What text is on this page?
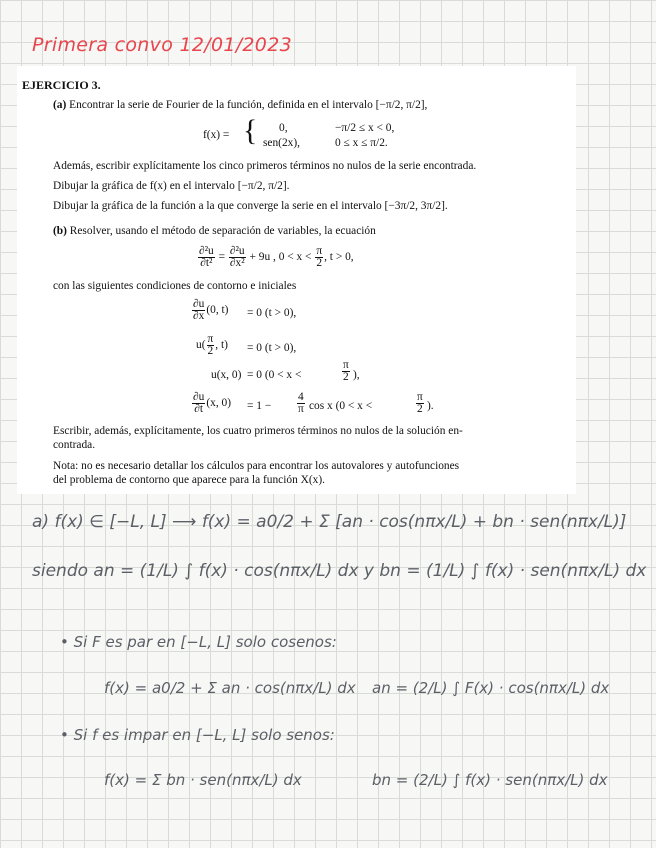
Primera convo 12/01/2023
EJERCICIO 3.
(a) Encontrar la serie de Fourier de la función, definida en el intervalo [−π/2, π/2],
f(x) = { 0,	−π/2 ≤ x < 0,
sen(2x),	0 ≤ x ≤ π/2.
Además, escribir explícitamente los cinco primeros términos no nulos de la serie encontrada.
Dibujar la gráfica de f(x) en el intervalo [−π/2, π/2].
Dibujar la gráfica de la función a la que converge la serie en el intervalo [−3π/2, 3π/2].
(b) Resolver, usando el método de separación de variables, la ecuación
$\frac{\text{∂²u}}{\text{∂t²}} = \frac{\text{∂²u}}{\text{∂x²}} + 9u$ , $0 < x < \frac{\pi}{2}$ , t > 0,
con las siguientes condiciones de contorno e iniciales
$\frac{\partial u}{\partial x} (0$, t) = 0 (t > 0),
$u( \frac{\pi}{2}$ , t) = 0 (t > 0),
u(x, 0) = 0 (0 < x <	$\frac{\pi}{2}$ ),
$\frac{\partial u}{\partial t} (x$, $0) = 1 - \frac{4}{\pi}$ cos x (0 < x <	$\frac{\pi}{2}$ ).
Escribir, además, explícitamente, los cuatro primeros términos no nulos de la solución en-
contrada.
Nota: no es necesario detallar los cálculos para encontrar los autovalores y autofunciones
del problema de contorno que aparece para la función X(x).
a) f(x) ∈ [−L, L] ⟶ f(x) = a0/2 + Σ [an · cos(nπx/L) + bn · sen(nπx/L)]
siendo an = (1/L) ∫ f(x) · cos(nπx/L) dx y bn = (1/L) ∫ f(x) · sen(nπx/L) dx
• Si F es par en [−L, L] solo cosenos:
f(x) = a0/2 + Σ an · cos(nπx/L) dx an = (2/L) ∫ F(x) · cos(nπx/L) dx
• Si f es impar en [−L, L] solo senos:
f(x) = Σ bn · sen(nπx/L) dx	bn = (2/L) ∫ f(x) · sen(nπx/L) dx
